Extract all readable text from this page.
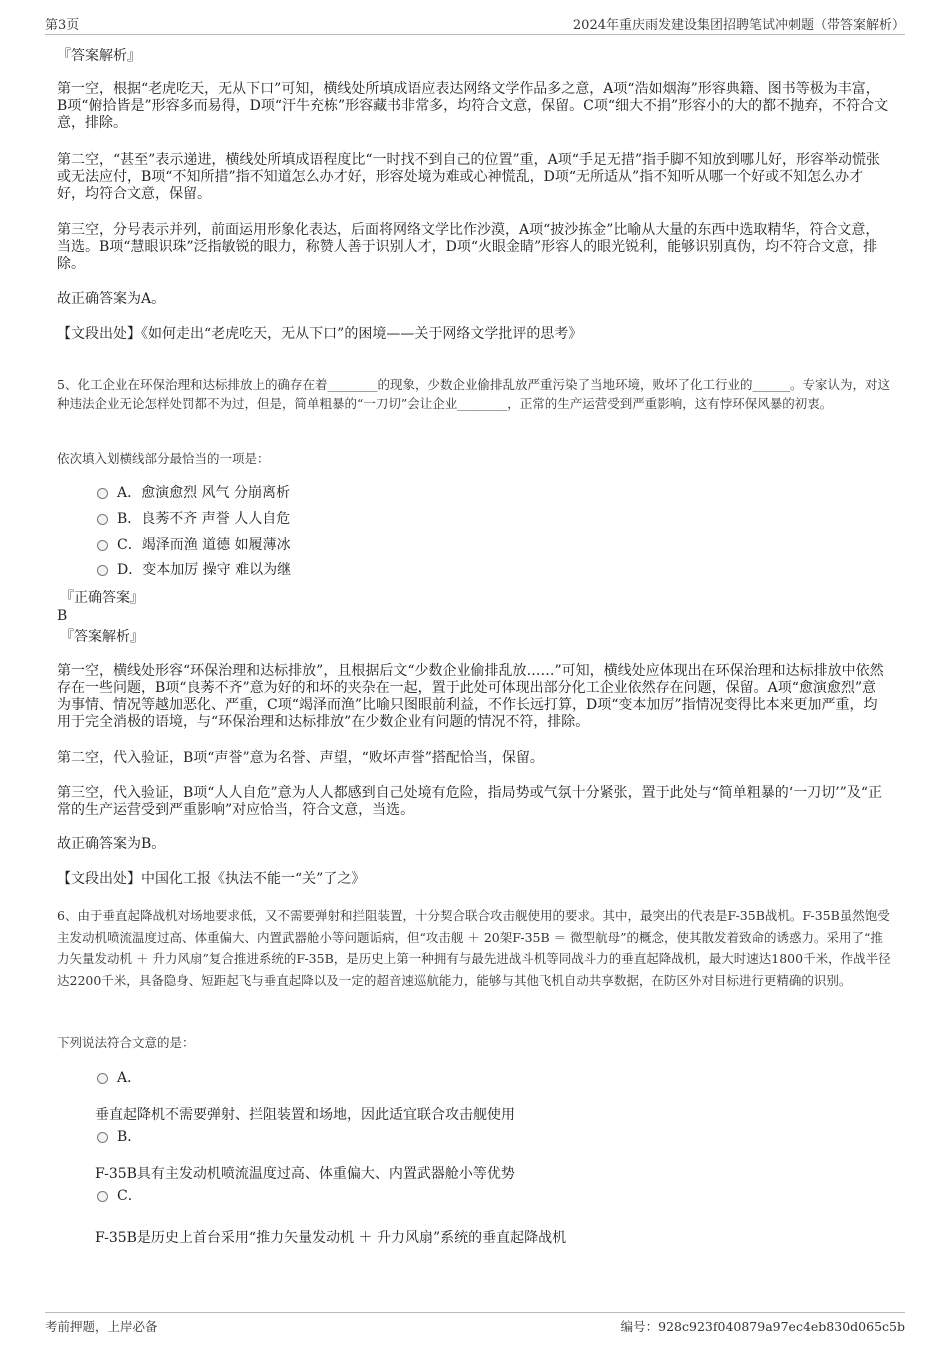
第3页	2024年重庆雨发建设集团招聘笔试冲刺题（带答案解析）

『答案解析』

第一空，根据“老虎吃天，无从下口”可知，横线处所填成语应表达网络文学作品多之意，A项“浩如烟海”形容典籍、图书等极为丰富，B项“俯拾皆是”形容多而易得，D项“汗牛充栋”形容藏书非常多，均符合文意，保留。C项“细大不捐”形容小的大的都不抛弃，不符合文意，排除。

第二空，“甚至”表示递进，横线处所填成语程度比“一时找不到自己的位置”重，A项“手足无措”指手脚不知放到哪儿好，形容举动慌张或无法应付，B项“不知所措”指不知道怎么办才好，形容处境为难或心神慌乱，D项“无所适从”指不知听从哪一个好或不知怎么办才好，均符合文意，保留。

第三空，分号表示并列，前面运用形象化表达，后面将网络文学比作沙漠，A项“披沙拣金”比喻从大量的东西中选取精华，符合文意，当选。B项“慧眼识珠”泛指敏锐的眼力，称赞人善于识别人才，D项“火眼金睛”形容人的眼光锐利，能够识别真伪，均不符合文意，排除。

故正确答案为A。

【文段出处】《如何走出“老虎吃天，无从下口”的困境——关于网络文学批评的思考》

5、化工企业在环保治理和达标排放上的确存在着________的现象，少数企业偷排乱放严重污染了当地环境，败坏了化工行业的______。专家认为，对这种违法企业无论怎样处罚都不为过，但是，简单粗暴的“一刀切”会让企业________，正常的生产运营受到严重影响，这有悖环保风暴的初衷。

依次填入划横线部分最恰当的一项是：

A．愈演愈烈 风气 分崩离析
B．良莠不齐 声誉 人人自危
C．竭泽而渔 道德 如履薄冰
D．变本加厉 操守 难以为继

『正确答案』

B

『答案解析』

第一空，横线处形容“环保治理和达标排放”，且根据后文“少数企业偷排乱放……”可知，横线处应体现出在环保治理和达标排放中依然存在一些问题，B项“良莠不齐”意为好的和坏的夹杂在一起，置于此处可体现出部分化工企业依然存在问题，保留。A项“愈演愈烈”意为事情、情况等越加恶化、严重，C项“竭泽而渔”比喻只图眼前利益，不作长远打算，D项“变本加厉”指情况变得比本来更加严重，均用于完全消极的语境，与“环保治理和达标排放”在少数企业有问题的情况不符，排除。

第二空，代入验证，B项“声誉”意为名誉、声望，“败坏声誉”搭配恰当，保留。

第三空，代入验证，B项“人人自危”意为人人都感到自己处境有危险，指局势或气氛十分紧张，置于此处与“简单粗暴的‘一刀切’”及“正常的生产运营受到严重影响”对应恰当，符合文意，当选。

故正确答案为B。

【文段出处】中国化工报《执法不能一“关”了之》

6、由于垂直起降战机对场地要求低，又不需要弹射和拦阻装置，十分契合联合攻击舰使用的要求。其中，最突出的代表是F-35B战机。F-35B虽然饱受主发动机喷流温度过高、体重偏大、内置武器舱小等问题诟病，但“攻击舰 ＋ 20架F-35B ＝ 微型航母”的概念，使其散发着致命的诱惑力。采用了“推力矢量发动机 ＋ 升力风扇”复合推进系统的F-35B，是历史上第一种拥有与最先进战斗机等同战斗力的垂直起降战机，最大时速达1800千米，作战半径达2200千米，具备隐身、短距起飞与垂直起降以及一定的超音速巡航能力，能够与其他飞机自动共享数据，在防区外对目标进行更精确的识别。

下列说法符合文意的是：

A．

垂直起降机不需要弹射、拦阻装置和场地，因此适宜联合攻击舰使用

B．

F-35B具有主发动机喷流温度过高、体重偏大、内置武器舱小等优势

C．

F-35B是历史上首台采用“推力矢量发动机 ＋ 升力风扇”系统的垂直起降战机

考前押题，上岸必备	编号：928c923f040879a97ec4eb830d065c5b
